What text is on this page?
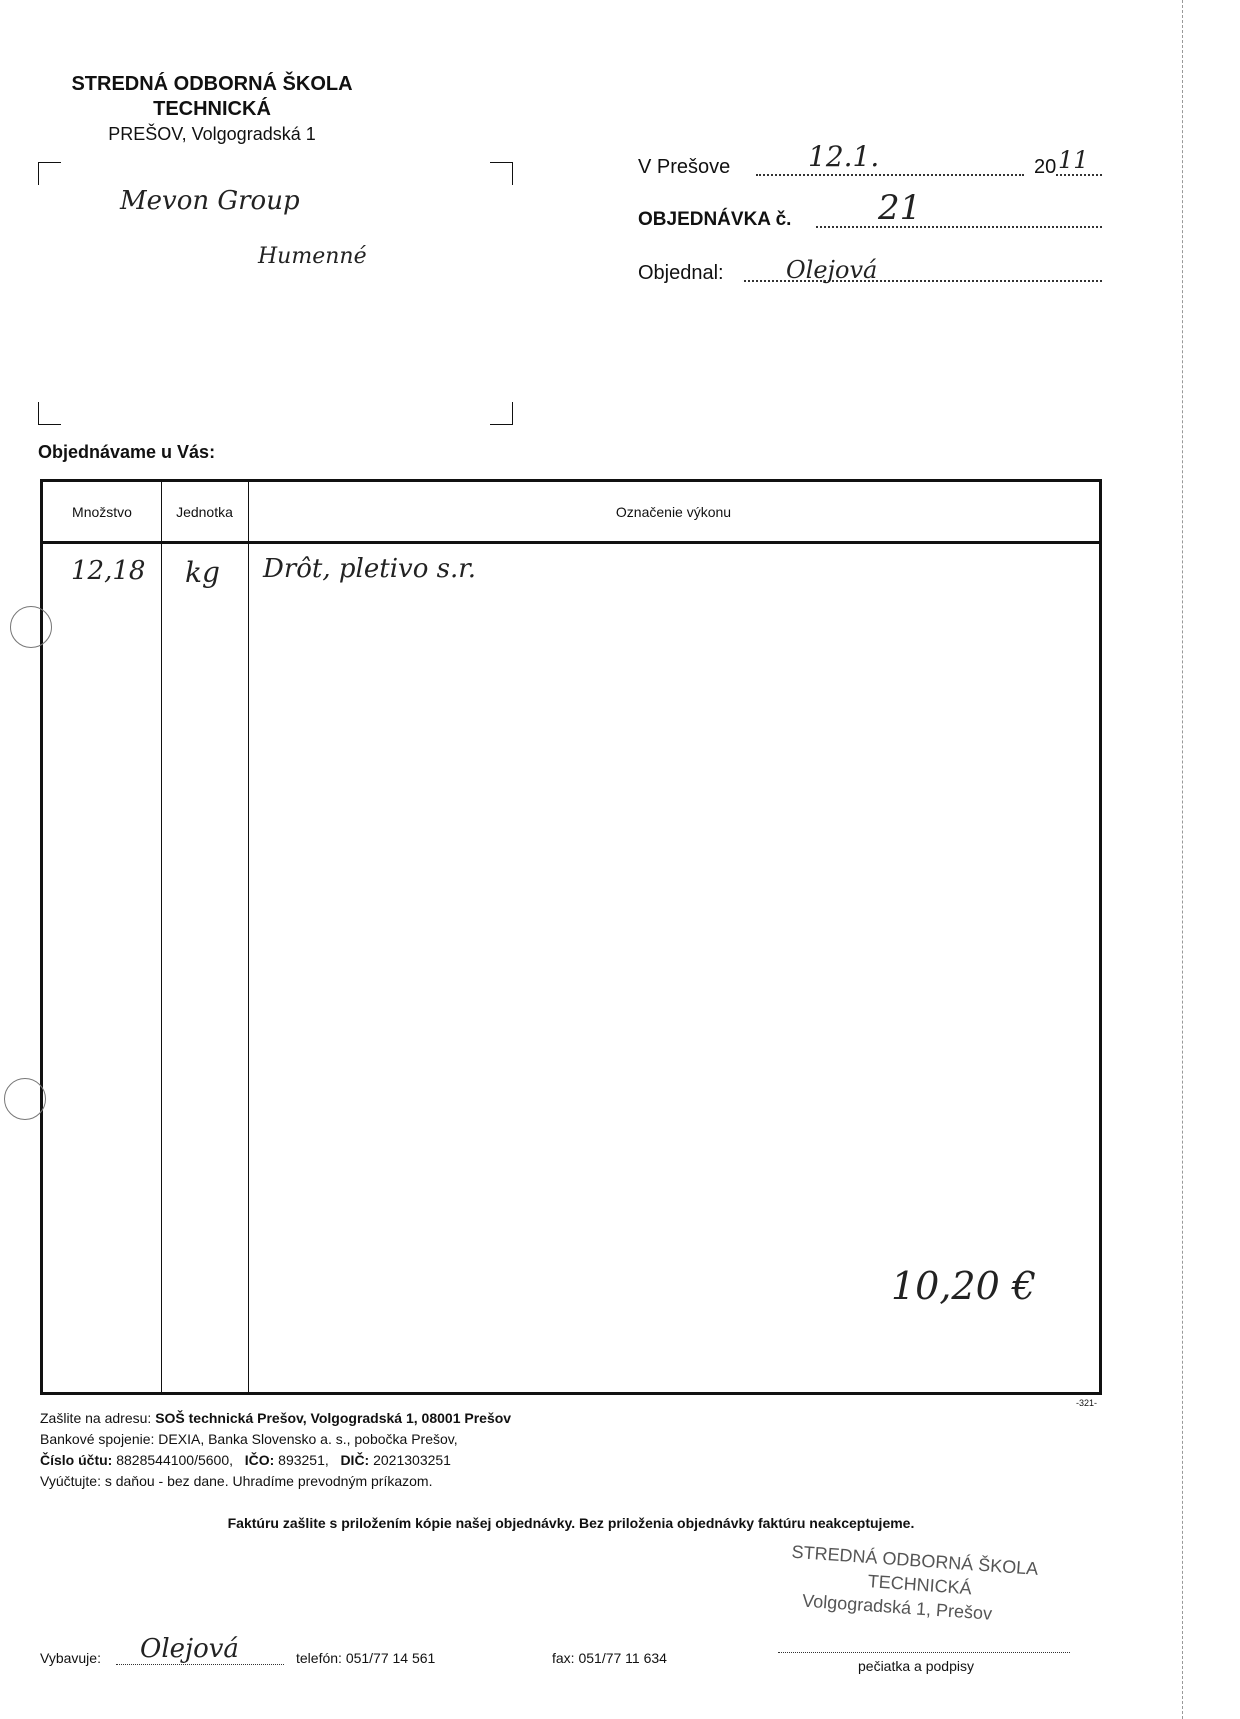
STREDNÁ ODBORNÁ ŠKOLA
TECHNICKÁ
PREŠOV, Volgogradská 1
Mevon Group
Humenné
V Prešove	12.1.	20 11
OBJEDNÁVKA č.	21
Objednal:	Olejová
Objednávame u Vás:
Množstvo	Jednotka	Označenie výkonu
12,18 kg Drôt, pletivo s.r.
10,20 €
-321-
Zašlite na adresu: SOŠ technická Prešov, Volgogradská 1, 08001 Prešov
Bankové spojenie: DEXIA, Banka Slovensko a. s., pobočka Prešov,
Číslo účtu: 8828544100/5600, IČO: 893251, DIČ: 2021303251
Vyúčtujte: s daňou - bez dane. Uhradíme prevodným príkazom.
Faktúru zašlite s priložením kópie našej objednávky. Bez priloženia objednávky faktúru neakceptujeme.
Vybavuje: Olejová	telefón: 051/77 14 561	fax: 051/77 11 634	pečiatka a podpisy
STREDNÁ ODBORNÁ ŠKOLA
TECHNICKÁ
Volgogradská 1, Prešov
